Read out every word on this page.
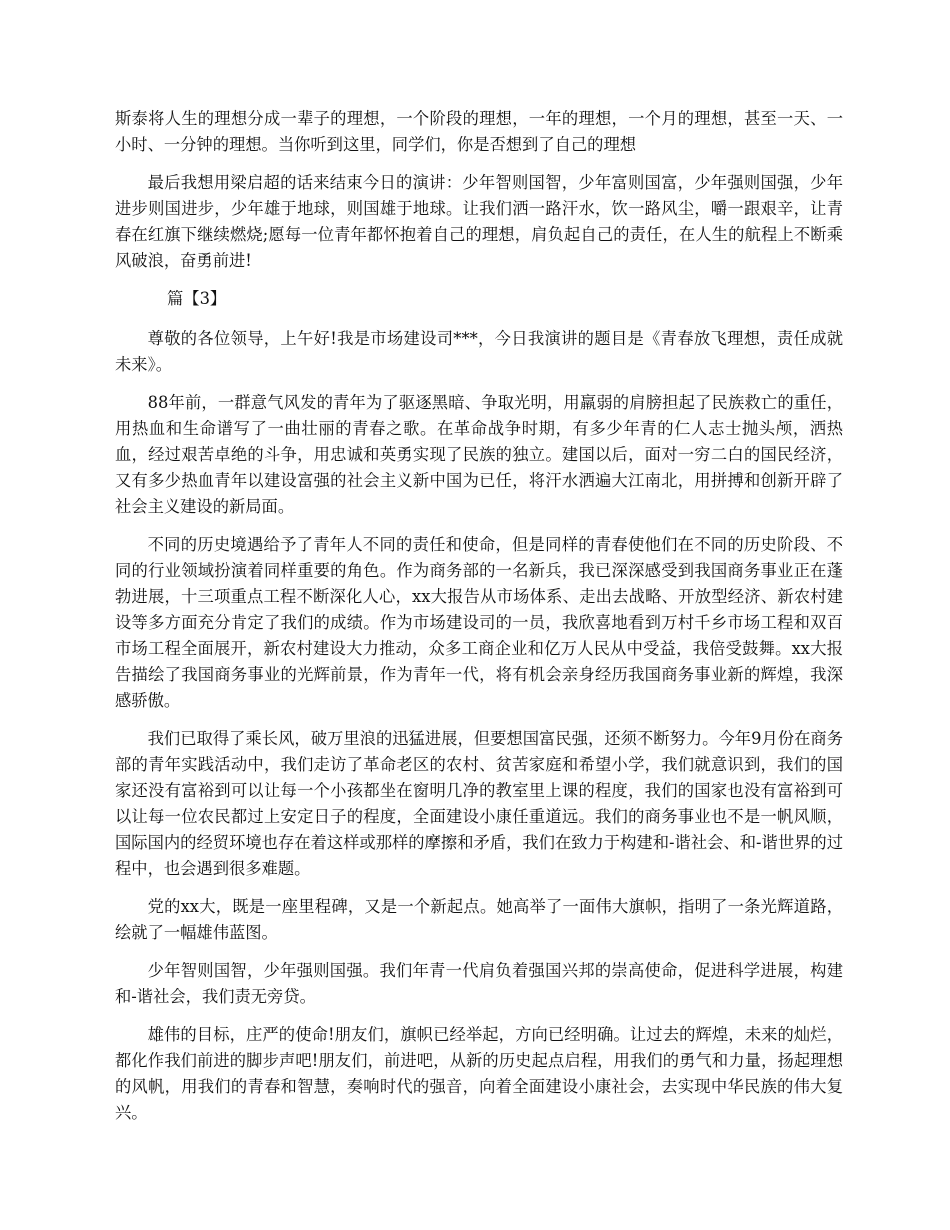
斯泰将人生的理想分成一辈子的理想，一个阶段的理想，一年的理想，一个月的理想，甚至一天、一小时、一分钟的理想。当你听到这里，同学们，你是否想到了自己的理想

最后我想用梁启超的话来结束今日的演讲：少年智则国智，少年富则国富，少年强则国强，少年进步则国进步，少年雄于地球，则国雄于地球。让我们洒一路汗水，饮一路风尘，嚼一跟艰辛，让青春在红旗下继续燃烧;愿每一位青年都怀抱着自己的理想，肩负起自己的责任，在人生的航程上不断乘风破浪，奋勇前进!

篇【3】

尊敬的各位领导，上午好!我是市场建设司***，今日我演讲的题目是《青春放飞理想，责任成就未来》。

88年前，一群意气风发的青年为了驱逐黑暗、争取光明，用羸弱的肩膀担起了民族救亡的重任，用热血和生命谱写了一曲壮丽的青春之歌。在革命战争时期，有多少年青的仁人志士抛头颅，洒热血，经过艰苦卓绝的斗争，用忠诚和英勇实现了民族的独立。建国以后，面对一穷二白的国民经济，又有多少热血青年以建设富强的社会主义新中国为已任，将汗水洒遍大江南北，用拼搏和创新开辟了社会主义建设的新局面。

不同的历史境遇给予了青年人不同的责任和使命，但是同样的青春使他们在不同的历史阶段、不同的行业领域扮演着同样重要的角色。作为商务部的一名新兵，我已深深感受到我国商务事业正在蓬勃进展，十三项重点工程不断深化人心，xx大报告从市场体系、走出去战略、开放型经济、新农村建设等多方面充分肯定了我们的成绩。作为市场建设司的一员，我欣喜地看到万村千乡市场工程和双百市场工程全面展开，新农村建设大力推动，众多工商企业和亿万人民从中受益，我倍受鼓舞。xx大报告描绘了我国商务事业的光辉前景，作为青年一代，将有机会亲身经历我国商务事业新的辉煌，我深感骄傲。

我们已取得了乘长风，破万里浪的迅猛进展，但要想国富民强，还须不断努力。今年9月份在商务部的青年实践活动中，我们走访了革命老区的农村、贫苦家庭和希望小学，我们就意识到，我们的国家还没有富裕到可以让每一个小孩都坐在窗明几净的教室里上课的程度，我们的国家也没有富裕到可以让每一位农民都过上安定日子的程度，全面建设小康任重道远。我们的商务事业也不是一帆风顺，国际国内的经贸环境也存在着这样或那样的摩擦和矛盾，我们在致力于构建和-谐社会、和-谐世界的过程中，也会遇到很多难题。

党的xx大，既是一座里程碑，又是一个新起点。她高举了一面伟大旗帜，指明了一条光辉道路，绘就了一幅雄伟蓝图。

少年智则国智，少年强则国强。我们年青一代肩负着强国兴邦的崇高使命，促进科学进展，构建和-谐社会，我们责无旁贷。

雄伟的目标，庄严的使命!朋友们，旗帜已经举起，方向已经明确。让过去的辉煌，未来的灿烂，都化作我们前进的脚步声吧!朋友们，前进吧，从新的历史起点启程，用我们的勇气和力量，扬起理想的风帆，用我们的青春和智慧，奏响时代的强音，向着全面建设小康社会，去实现中华民族的伟大复兴。
